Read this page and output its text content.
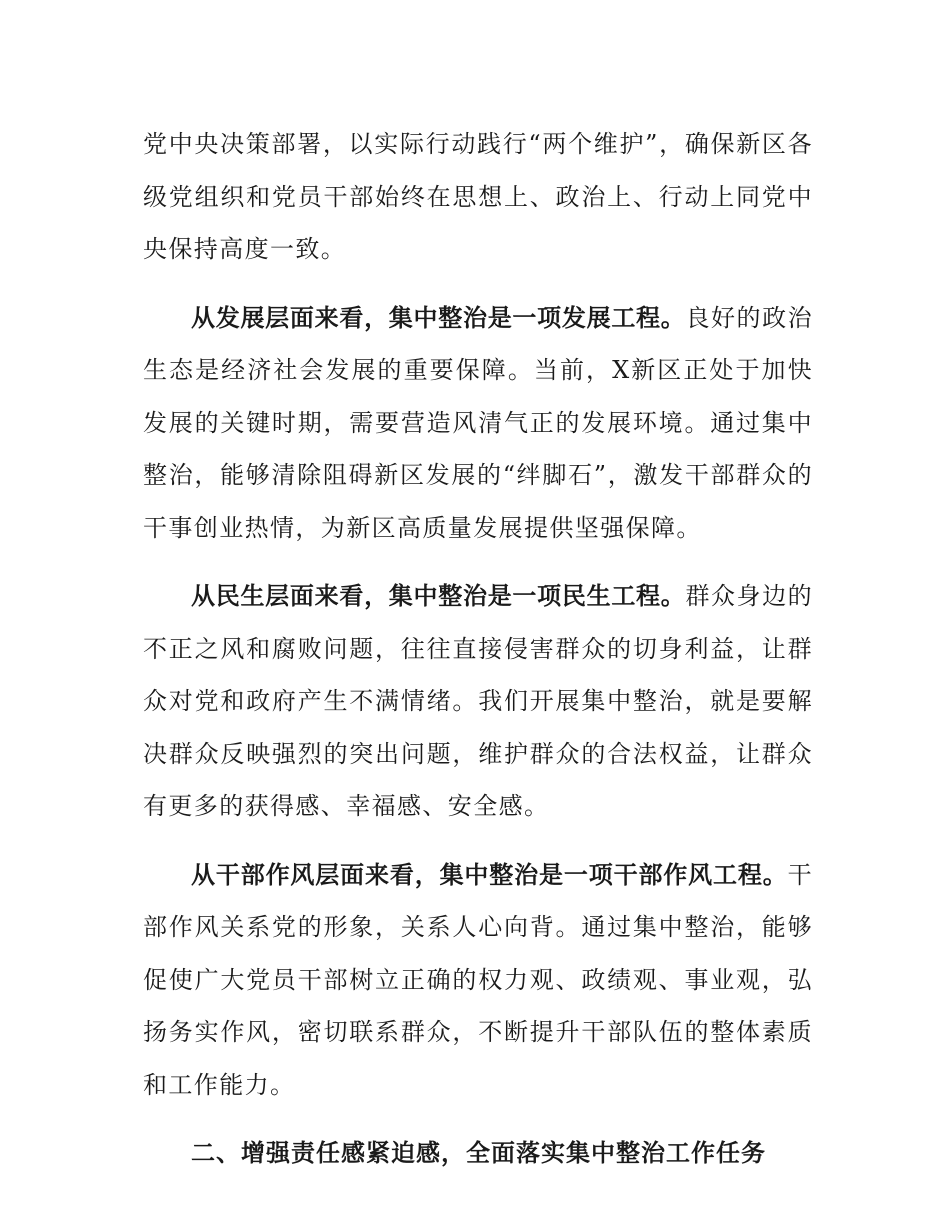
党中央决策部署，以实际行动践行“两个维护”，确保新区各级党组织和党员干部始终在思想上、政治上、行动上同党中央保持高度一致。

从发展层面来看，集中整治是一项发展工程。良好的政治生态是经济社会发展的重要保障。当前，X新区正处于加快发展的关键时期，需要营造风清气正的发展环境。通过集中整治，能够清除阻碍新区发展的“绊脚石”，激发干部群众的干事创业热情，为新区高质量发展提供坚强保障。

从民生层面来看，集中整治是一项民生工程。群众身边的不正之风和腐败问题，往往直接侵害群众的切身利益，让群众对党和政府产生不满情绪。我们开展集中整治，就是要解决群众反映强烈的突出问题，维护群众的合法权益，让群众有更多的获得感、幸福感、安全感。

从干部作风层面来看，集中整治是一项干部作风工程。干部作风关系党的形象，关系人心向背。通过集中整治，能够促使广大党员干部树立正确的权力观、政绩观、事业观，弘扬务实作风，密切联系群众，不断提升干部队伍的整体素质和工作能力。

二、增强责任感紧迫感，全面落实集中整治工作任务
